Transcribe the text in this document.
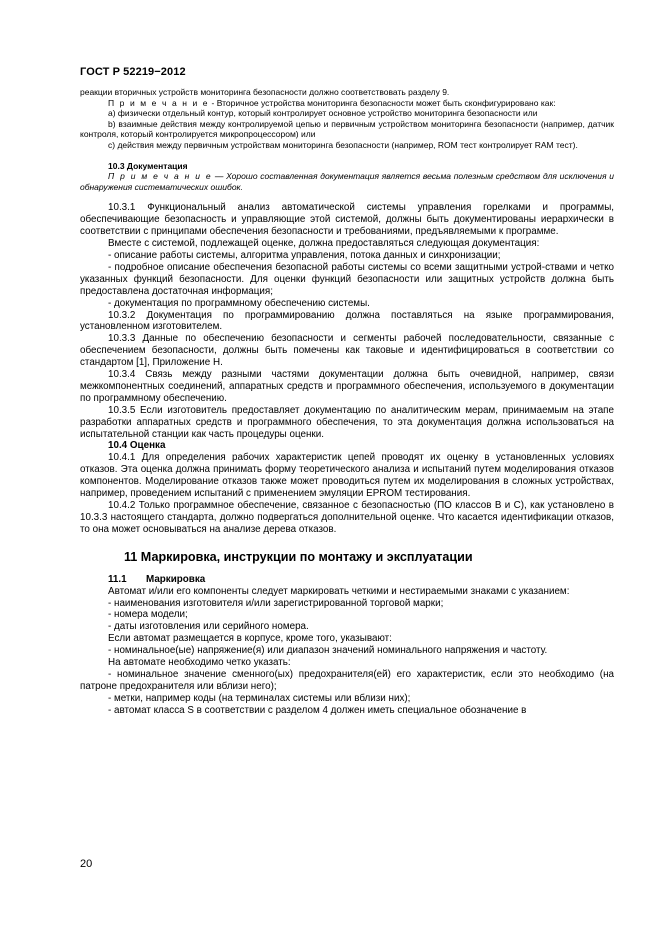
ГОСТ Р 52219−2012

реакции вторичных устройств мониторинга безопасности должно соответствовать разделу 9.

П р и м е ч а н и е - Вторичное устройства мониторинга безопасности может быть сконфигурировано как:

a) физически отдельный контур, который контролирует основное устройство мониторинга безопасности или

b) взаимные действия между контролируемой цепью и первичным устройством мониторинга безопасности (например, датчик контроля, который контролируется микропроцессором) или

c) действия между первичным устройствам мониторинга безопасности (например, ROM тест контролирует RAM тест).

10.3 Документация

П р и м е ч а н и е — Хорошо составленная документация является весьма полезным средством для исключения и обнаружения систематических ошибок.

10.3.1 Функциональный анализ автоматической системы управления горелками и программы, обеспечивающие безопасность и управляющие этой системой, должны быть документированы иерархически в соответствии с принципами обеспечения безопасности и требованиями, предъявляемыми к программе.

Вместе с системой, подлежащей оценке, должна предоставляться следующая документация:

- описание работы системы, алгоритма управления, потока данных и синхронизации;

- подробное описание обеспечения безопасной работы системы со всеми защитными устрой-ствами и четко указанных функций безопасности. Для оценки функций безопасности или защитных устройств должна быть предоставлена достаточная информация;

- документация по программному обеспечению системы.

10.3.2 Документация по программированию должна поставляться на языке программирования, установленном изготовителем.

10.3.3 Данные по обеспечению безопасности и сегменты рабочей последовательности, связанные с обеспечением безопасности, должны быть помечены как таковые и идентифицироваться в соответствии со стандартом [1], Приложение H.

10.3.4 Связь между разными частями документации должна быть очевидной, например, связи межкомпонентных соединений, аппаратных средств и программного обеспечения, используемого в документации по программному обеспечению.

10.3.5 Если изготовитель предоставляет документацию по аналитическим мерам, принимаемым на этапе разработки аппаратных средств и программного обеспечения, то эта документация должна использоваться на испытательной станции как часть процедуры оценки.

10.4 Оценка

10.4.1 Для определения рабочих характеристик цепей проводят их оценку в установленных условиях отказов. Эта оценка должна принимать форму теоретического анализа и испытаний путем моделирования отказов компонентов. Моделирование отказов также может проводиться путем их моделирования в сложных устройствах, например, проведением испытаний с применением эмуляции EPROM тестирования.

10.4.2 Только программное обеспечение, связанное с безопасностью (ПО классов B и C), как установлено в 10.3.3 настоящего стандарта, должно подвергаться дополнительной оценке. Что касается идентификации отказов, то она может основываться на анализе дерева отказов.

11 Маркировка, инструкции по монтажу и эксплуатации
11.1 Маркировка

Автомат и/или его компоненты следует маркировать четкими и нестираемыми знаками с указанием:

- наименования изготовителя и/или зарегистрированной торговой марки;

- номера модели;

- даты изготовления или серийного номера.

Если автомат размещается в корпусе, кроме того, указывают:

- номинальное(ые) напряжение(я) или диапазон значений номинального напряжения и частоту.

На автомате необходимо четко указать:

- номинальное значение сменного(ых) предохранителя(ей) его характеристик, если это необходимо (на патроне предохранителя или вблизи него);

- метки, например коды (на терминалах системы или вблизи них);

- автомат класса S в соответствии с разделом 4 должен иметь специальное обозначение в

20
